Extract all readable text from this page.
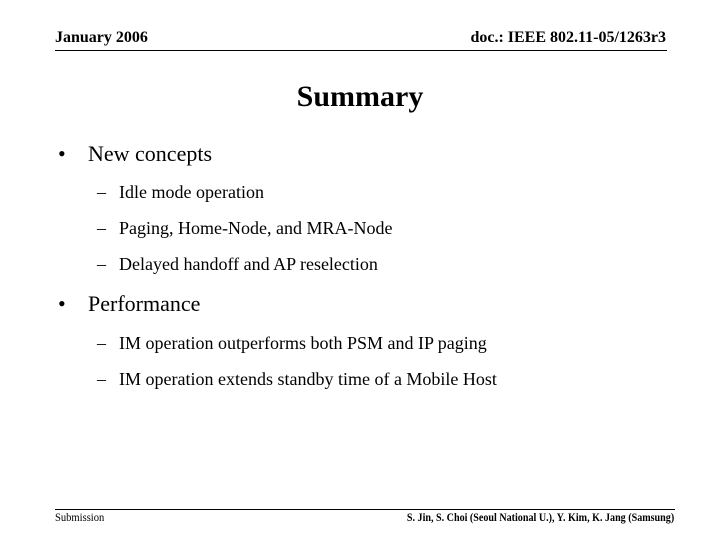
January 2006	doc.: IEEE 802.11-05/1263r3
Summary
• New concepts
– Idle mode operation
– Paging, Home-Node, and MRA-Node
– Delayed handoff and AP reselection
• Performance
– IM operation outperforms both PSM and IP paging
– IM operation extends standby time of a Mobile Host
Submission	S. Jin, S. Choi (Seoul National U.), Y. Kim, K. Jang (Samsung)
